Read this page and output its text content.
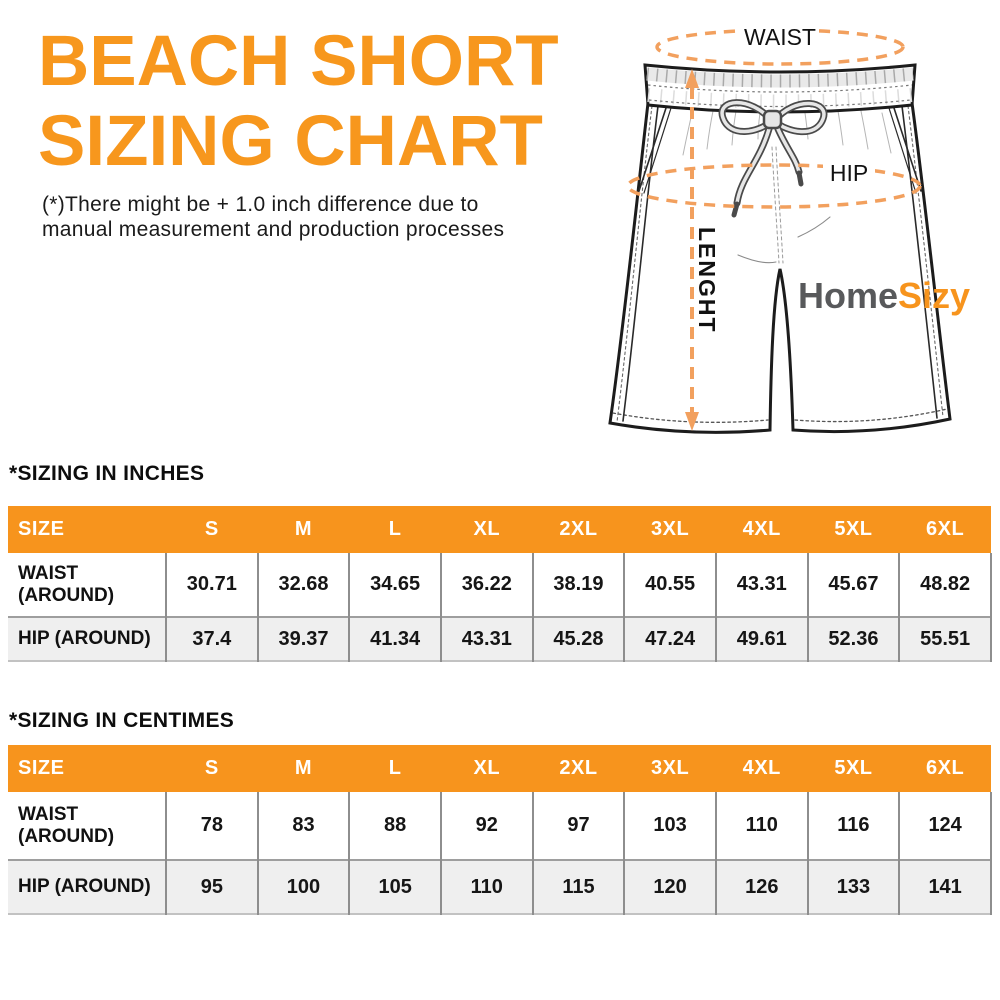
BEACH SHORT
SIZING CHART
(*)There might be + 1.0 inch difference due to
manual measurement and production processes
WAIST
HIP
LENGHT HomeSizy
*SIZING IN INCHES
SIZE	S	M	L	XL	2XL	3XL	4XL	5XL	6XL
WAIST (AROUND)	30.71	32.68	34.65	36.22	38.19	40.55	43.31	45.67	48.82
HIP (AROUND)	37.4	39.37	41.34	43.31	45.28	47.24	49.61	52.36	55.51
*SIZING IN CENTIMES
SIZE	S	M	L	XL	2XL	3XL	4XL	5XL	6XL
WAIST (AROUND)	78	83	88	92	97	103	110	116	124
HIP (AROUND)	95	100	105	110	115	120	126	133	141
